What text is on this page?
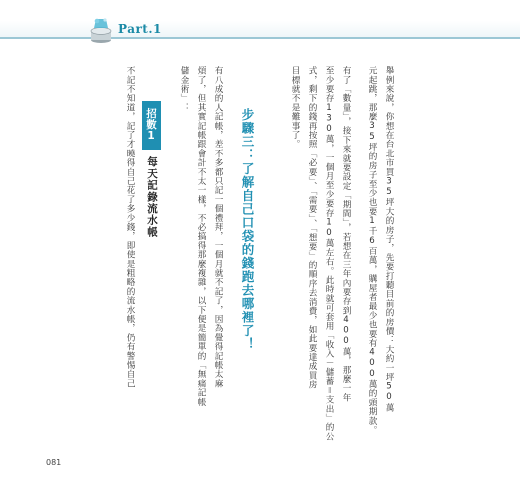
Part.1
舉例來說，你想在台北市買35坪大的房子，先要打聽目前的房價：大約一坪50萬
元起跳，那麼35坪的房子至少也要1千6百萬，購屋者最少也要有400萬的頭期款。
有了「數量」，接下來就要設定「期間」，若想在三年內要存到400萬，那麼一年
至少要存130萬，一個月至少要存10萬左右。此時就可套用「收入－儲蓄＝支出」的公
式，剩下的錢再按照「必要」、「需要」、「想要」的順序去消費，如此要達成買房
目標就不是難事了。
步驟三：了解自己口袋的錢跑去哪裡了！
有八成的人記帳，差不多都只記一個禮拜，一個月就不記了，因為覺得記帳太麻
煩了，但其實記帳跟會計不太一樣，不必搞得那麼複雜，以下便是簡單的「無痛記帳
儲金術」：
招數1
每天記錄流水帳
不記不知道，記了才曉得自己花了多少錢，即使是粗略的流水帳，仍有警惕自己
081
